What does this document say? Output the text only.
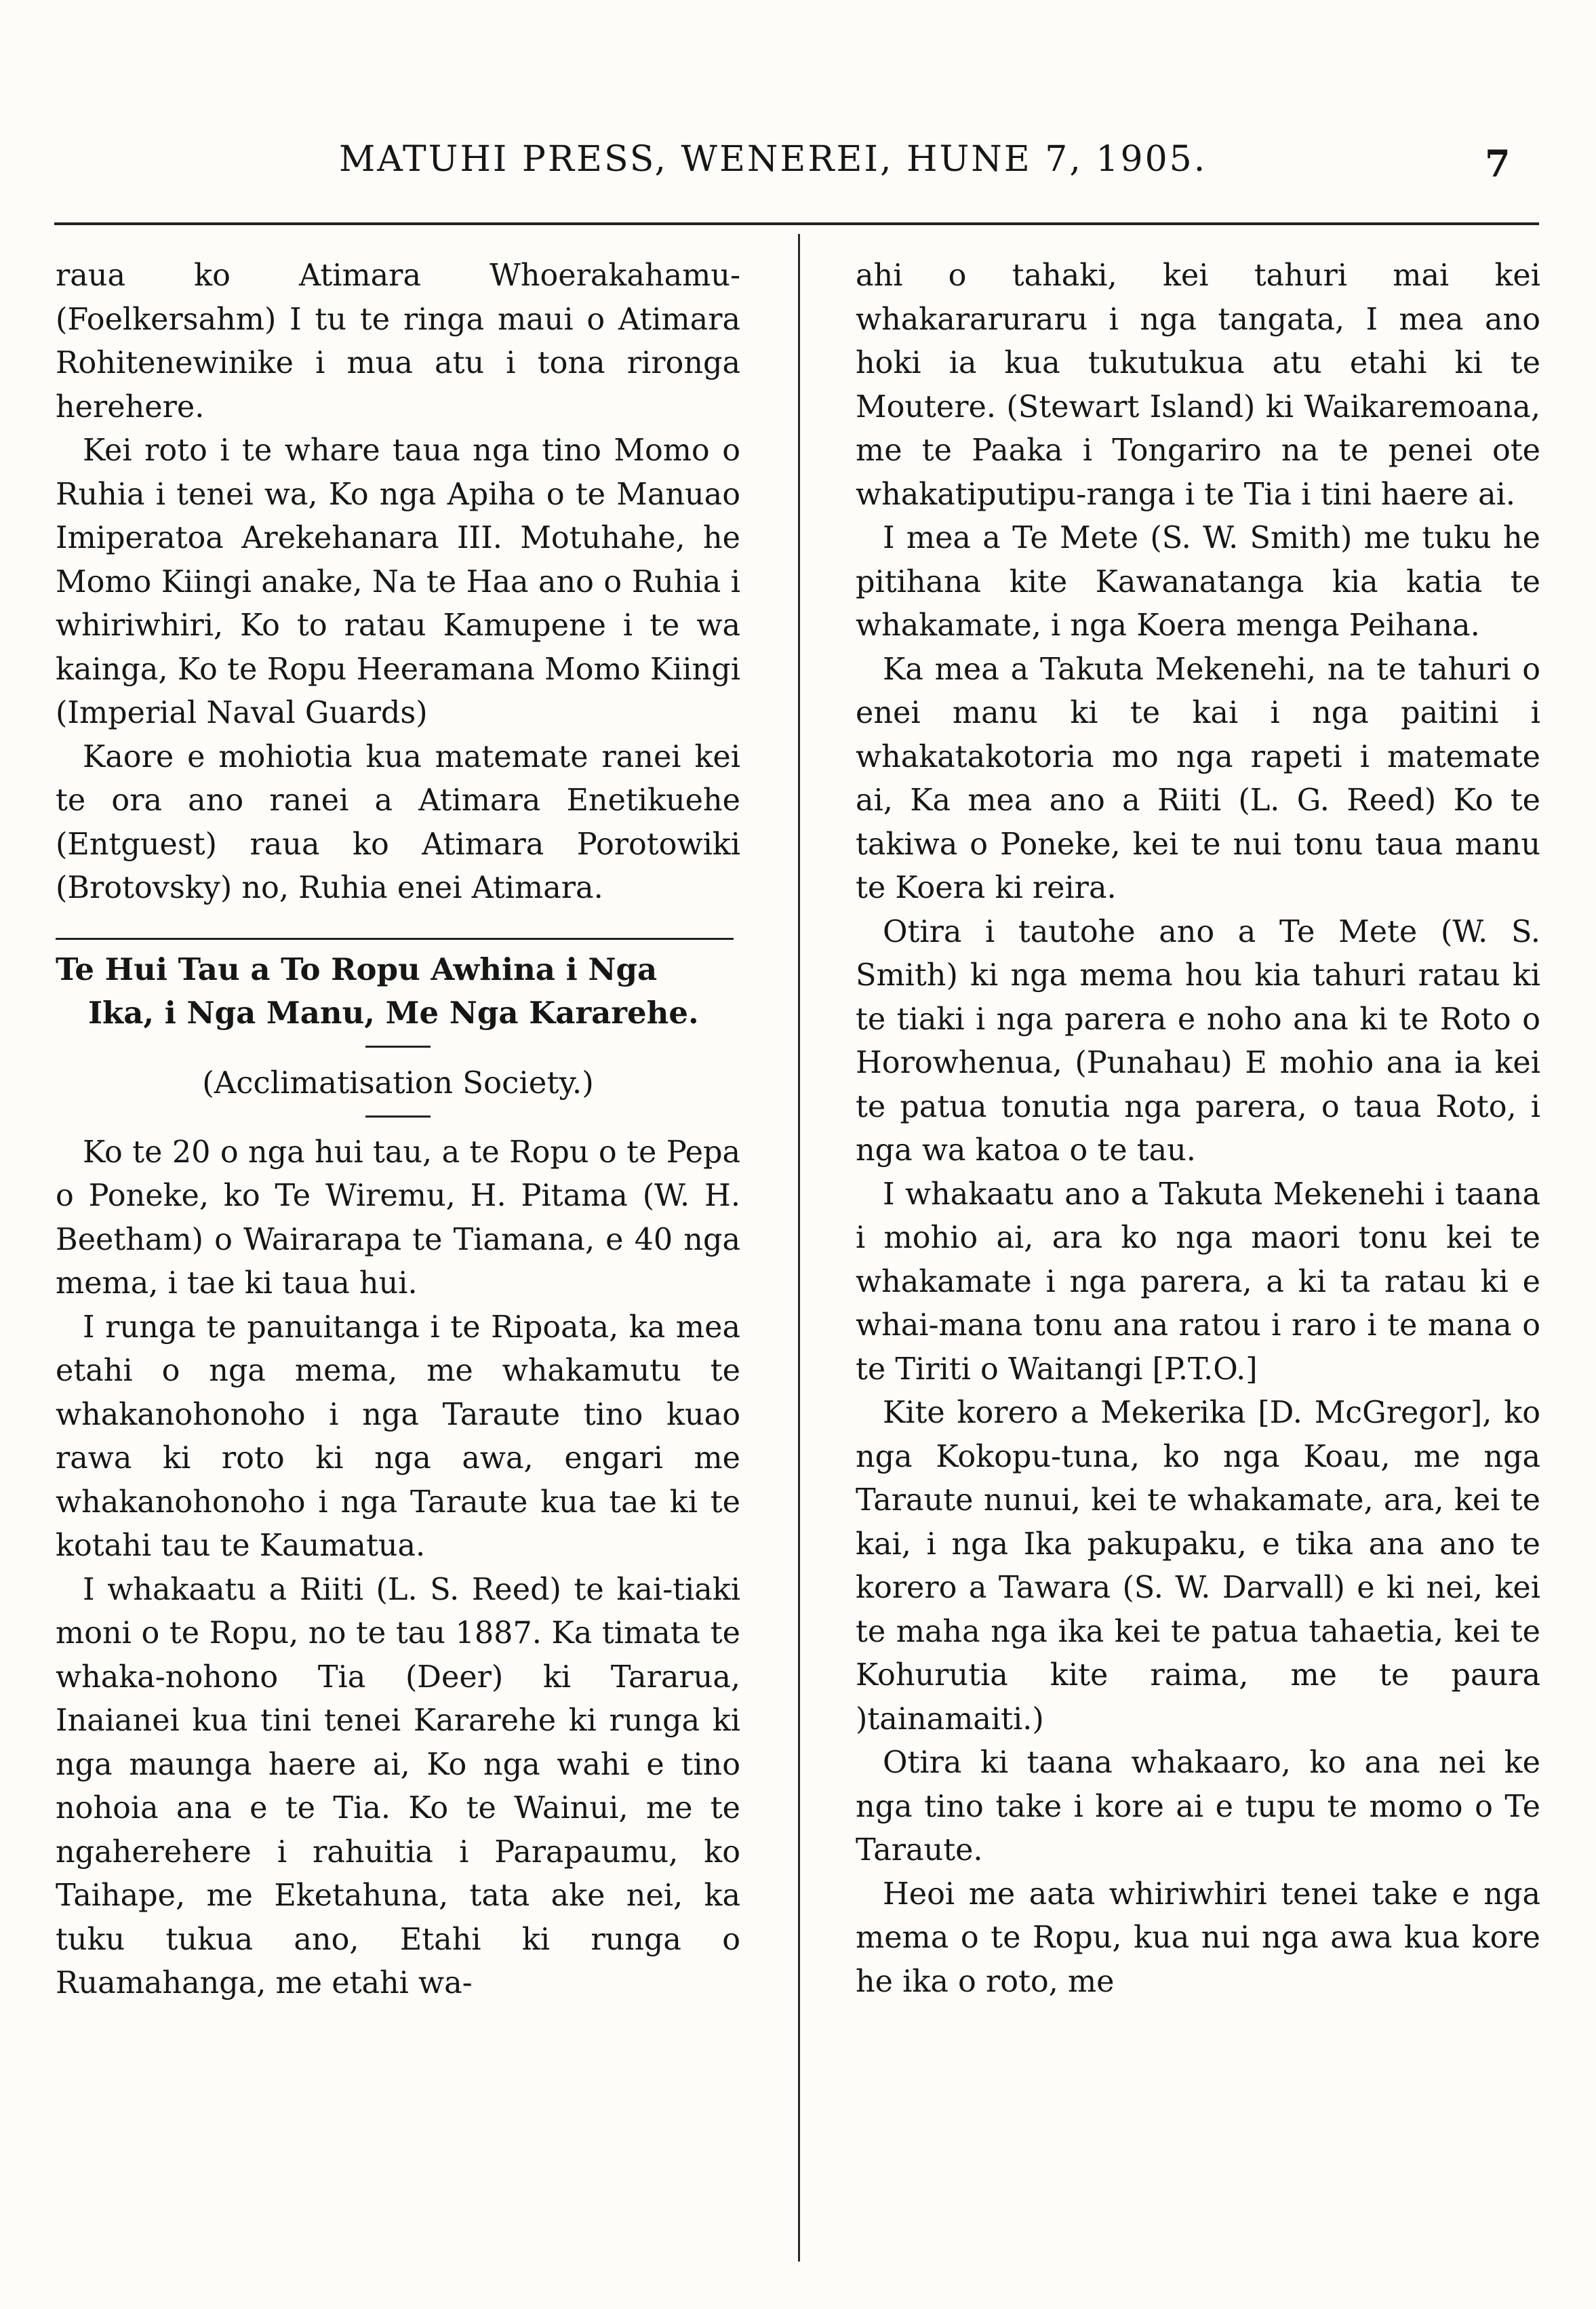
MATUHI PRESS, WENEREI, HUNE 7, 1905.	7

raua ko Atimara Whoerakahamu-(Foelkersahm) I tu te ringa maui o Atimara Rohitenewinike i mua atu i tona rironga herehere.

Kei roto i te whare taua nga tino Momo o Ruhia i tenei wa, Ko nga Apiha o te Manuao Imiperatoa Arekehanara III. Motuhahe, he Momo Kiingi anake, Na te Haa ano o Ruhia i whiriwhiri, Ko to ratau Kamupene i te wa kainga, Ko te Ropu Heeramana Momo Kiingi (Imperial Naval Guards)

Kaore e mohiotia kua matemate ranei kei te ora ano ranei a Atimara Enetikuehe (Entguest) raua ko Atimara Porotowiki (Brotovsky) no, Ruhia enei Atimara.

Te Hui Tau a To Ropu Awhina i Nga
Ika, i Nga Manu, Me Nga Kararehe.

(Acclimatisation Society.)

Ko te 20 o nga hui tau, a te Ropu o te Pepa o Poneke, ko Te Wiremu, H. Pitama (W. H. Beetham) o Wairarapa te Tiamana, e 40 nga mema, i tae ki taua hui.

I runga te panuitanga i te Ripoata, ka mea etahi o nga mema, me whakamutu te whakanohonoho i nga Taraute tino kuao rawa ki roto ki nga awa, engari me whakanohonoho i nga Taraute kua tae ki te kotahi tau te Kaumatua.

I whakaatu a Riiti (L. S. Reed) te kai-tiaki moni o te Ropu, no te tau 1887. Ka timata te whaka-nohono Tia (Deer) ki Tararua, Inaianei kua tini tenei Kararehe ki runga ki nga maunga haere ai, Ko nga wahi e tino nohoia ana e te Tia. Ko te Wainui, me te ngaherehere i rahuitia i Parapaumu, ko Taihape, me Eketahuna, tata ake nei, ka tuku tukua ano, Etahi ki runga o Ruamahanga, me etahi wa-

ahi o tahaki, kei tahuri mai kei whakararuraru i nga tangata, I mea ano hoki ia kua tukutukua atu etahi ki te Moutere. (Stewart Island) ki Waikaremoana, me te Paaka i Tongariro na te penei ote whakatiputipu-ranga i te Tia i tini haere ai.

I mea a Te Mete (S. W. Smith) me tuku he pitihana kite Kawanatanga kia katia te whakamate, i nga Koera menga Peihana.

Ka mea a Takuta Mekenehi, na te tahuri o enei manu ki te kai i nga paitini i whakatakotoria mo nga rapeti i matemate ai, Ka mea ano a Riiti (L. G. Reed) Ko te takiwa o Poneke, kei te nui tonu taua manu te Koera ki reira.

Otira i tautohe ano a Te Mete (W. S. Smith) ki nga mema hou kia tahuri ratau ki te tiaki i nga parera e noho ana ki te Roto o Horowhenua, (Punahau) E mohio ana ia kei te patua tonutia nga parera, o taua Roto, i nga wa katoa o te tau.

I whakaatu ano a Takuta Mekenehi i taana i mohio ai, ara ko nga maori tonu kei te whakamate i nga parera, a ki ta ratau ki e whai-mana tonu ana ratou i raro i te mana o te Tiriti o Waitangi [P.T.O.]

Kite korero a Mekerika [D. McGregor], ko nga Kokopu-tuna, ko nga Koau, me nga Taraute nunui, kei te whakamate, ara, kei te kai, i nga Ika pakupaku, e tika ana ano te korero a Tawara (S. W. Darvall) e ki nei, kei te maha nga ika kei te patua tahaetia, kei te Kohurutia kite raima, me te paura )tainamaiti.)

Otira ki taana whakaaro, ko ana nei ke nga tino take i kore ai e tupu te momo o Te Taraute.

Heoi me aata whiriwhiri tenei take e nga mema o te Ropu, kua nui nga awa kua kore he ika o roto, me
